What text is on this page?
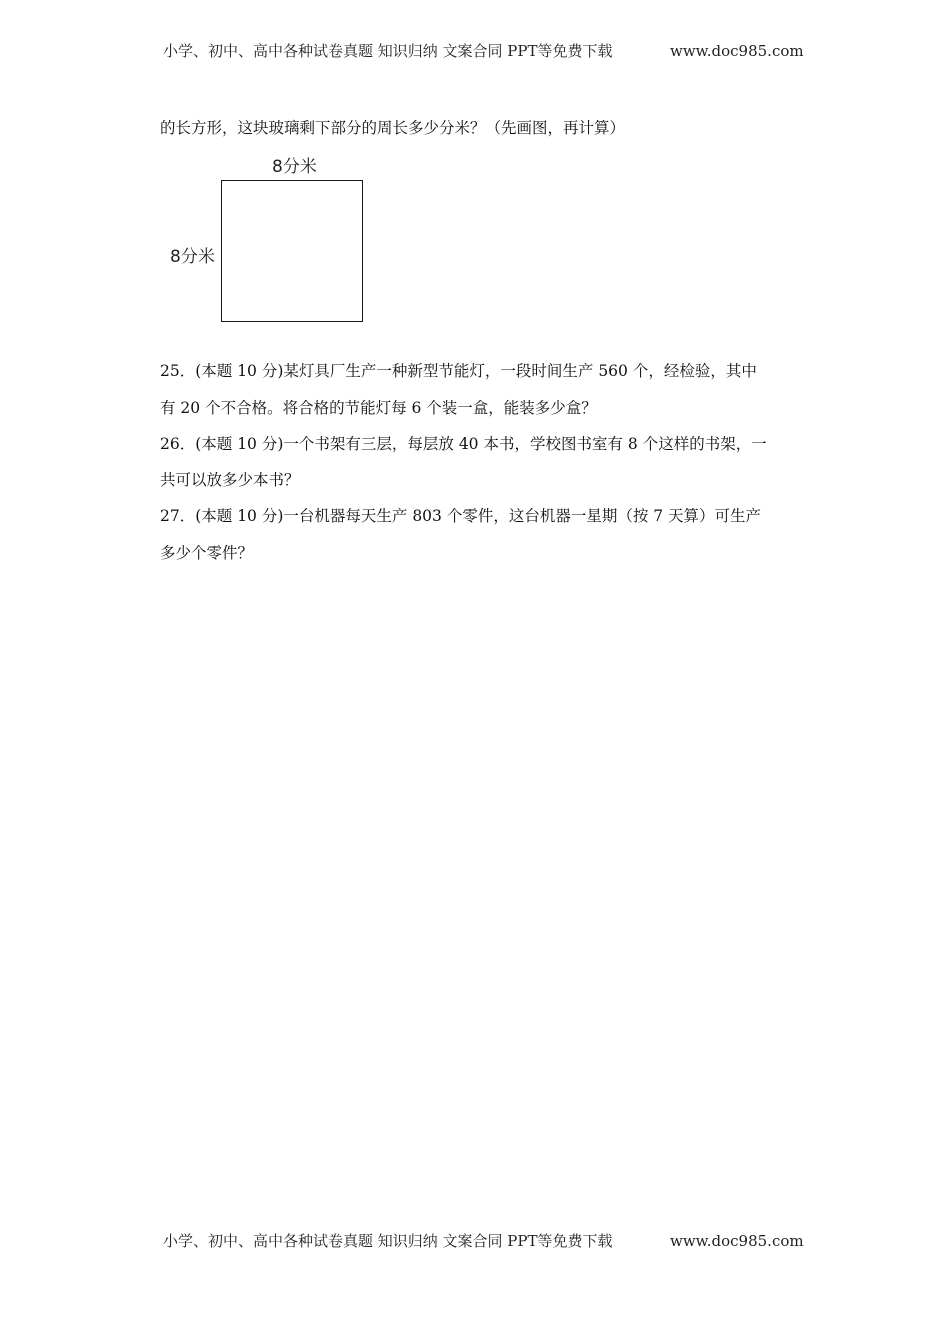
小学、初中、高中各种试卷真题 知识归纳 文案合同 PPT等免费下载	www.doc985.com
的长方形，这块玻璃剩下部分的周长多少分米？（先画图，再计算）
8分米
8分米
25．(本题 10 分)某灯具厂生产一种新型节能灯，一段时间生产 560 个，经检验，其中
有 20 个不合格。将合格的节能灯每 6 个装一盒，能装多少盒？
26．(本题 10 分)一个书架有三层，每层放 40 本书，学校图书室有 8 个这样的书架，一
共可以放多少本书？
27．(本题 10 分)一台机器每天生产 803 个零件，这台机器一星期（按 7 天算）可生产
多少个零件？
小学、初中、高中各种试卷真题 知识归纳 文案合同 PPT等免费下载	www.doc985.com
